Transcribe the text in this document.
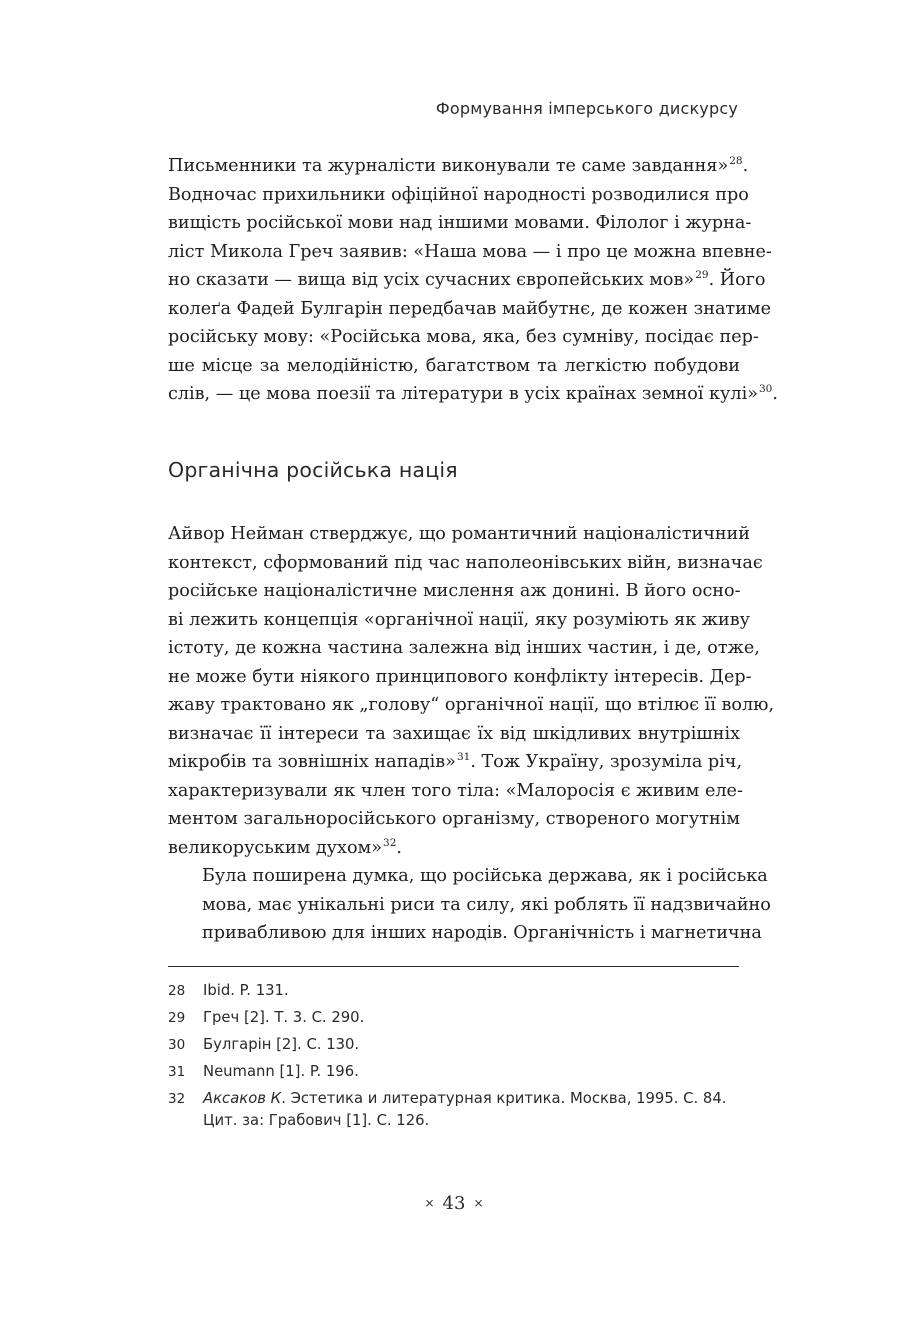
Формування імперського дискурсу

Письменники та журналісти виконували те саме завдання»$^{28}$.
Водночас прихильники офіційної народності розводилися про
вищість російської мови над іншими мовами. Філолог і журна-
ліст Микола Греч заявив: «Наша мова — і про це можна впевне-
но сказати — вища від усіх сучасних європейських мов»$^{29}$. Його
колеґа Фадей Булгарін передбачав майбутнє, де кожен знатиме
російську мову: «Російська мова, яка, без сумніву, посідає пер-
ше місце за мелодійністю, багатством та легкістю побудови
слів, — це мова поезії та літератури в усіх країнах земної кулі»$^{30}$.

Органічна російська нація

Айвор Нейман стверджує, що романтичний націоналістичний
контекст, сформований під час наполеонівських війн, визначає
російське націоналістичне мислення аж донині. В його осно-
ві лежить концепція «органічної нації, яку розуміють як живу
істоту, де кожна частина залежна від інших частин, і де, отже,
не може бути ніякого принципового конфлікту інтересів. Дер-
жаву трактовано як „голову“ органічної нації, що втілює її волю,
визначає її інтереси та захищає їх від шкідливих внутрішніх
мікробів та зовнішніх нападів»$^{31}$. Тож Україну, зрозуміла річ,
характеризували як член того тіла: «Малоросія є живим еле-
ментом загальноросійського організму, створеного могутнім
великоруським духом»$^{32}$.

Була поширена думка, що російська держава, як і російська
мова, має унікальні риси та силу, які роблять її надзвичайно
привабливою для інших народів. Органічність і магнетична

28	Ibid. P. 131.
29	Греч [2]. Т. 3. С. 290.
30	Булгарін [2]. С. 130.
31	Neumann [1]. P. 196.
32	Аксаков К. Эстетика и литературная критика. Москва, 1995. С. 84. Цит. за: Грабович [1]. С. 126.
× 43 ×
